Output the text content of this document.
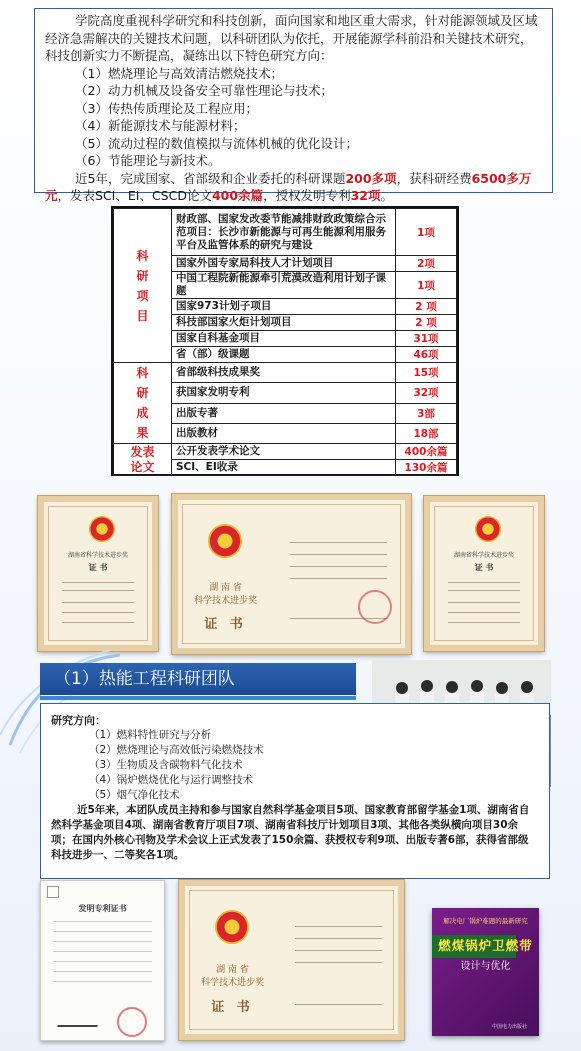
学院高度重视科学研究和科技创新，面向国家和地区重大需求，针对能源领域及区域经济急需解决的关键技术问题，以科研团队为依托，开展能源学科前沿和关键技术研究，科技创新实力不断提高，凝练出以下特色研究方向：

（1）燃烧理论与高效清洁燃烧技术；
（2）动力机械及设备安全可靠性理论与技术；
（3）传热传质理论及工程应用；
（4）新能源技术与能源材料；
（5）流动过程的数值模拟与流体机械的优化设计；
（6）节能理论与新技术。

近5年，完成国家、省部级和企业委托的科研课题200多项，获科研经费6500多万元，发表SCI、EI、CSCD论文400余篇，授权发明专利32项。

科研项目	财政部、国家发改委节能减排财政政策综合示范项目：长沙市新能源与可再生能源利用服务平台及监管体系的研究与建设	1项
	国家外国专家局科技人才计划项目	2项
	中国工程院新能源牵引荒漠改造利用计划子课题	1项
	国家973计划子项目	2 项
	科技部国家火炬计划项目	2 项
	国家自科基金项目	31项
	省（部）级课题	46项

科研成果	省部级科技成果奖	15项
	获国家发明专利	32项
	出版专著	3部
	出版教材	18部

发表论文	公开发表学术论文	400余篇
	SCI、EI收录	130余篇
湖南省科学技术进步奖
证 书
湖 南 省
科学技术进步奖
证 书
湖南省科学技术进步奖
证 书
（1）热能工程科研团队
研究方向：
（1）燃料特性研究与分析
（2）燃烧理论与高效低污染燃烧技术
（3）生物质及含碳物料气化技术
（4）锅炉燃烧优化与运行调整技术
（5）烟气净化技术

近5年来，本团队成员主持和参与国家自然科学基金项目5项、国家教育部留学基金1项、湖南省自然科学基金项目4项、湖南省教育厅项目7项、湖南省科技厅计划项目3项、其他各类纵横向项目30余项；在国内外核心刊物及学术会议上正式发表了150余篇、获授权专利9项、出版专著6部，获得省部级科技进步一、二等奖各1项。

发明专利证书
湖 南 省
科学技术进步奖
证 书
解决电厂锅炉难题的最新研究
燃煤锅炉卫燃带
设计与优化
中国电力出版社
